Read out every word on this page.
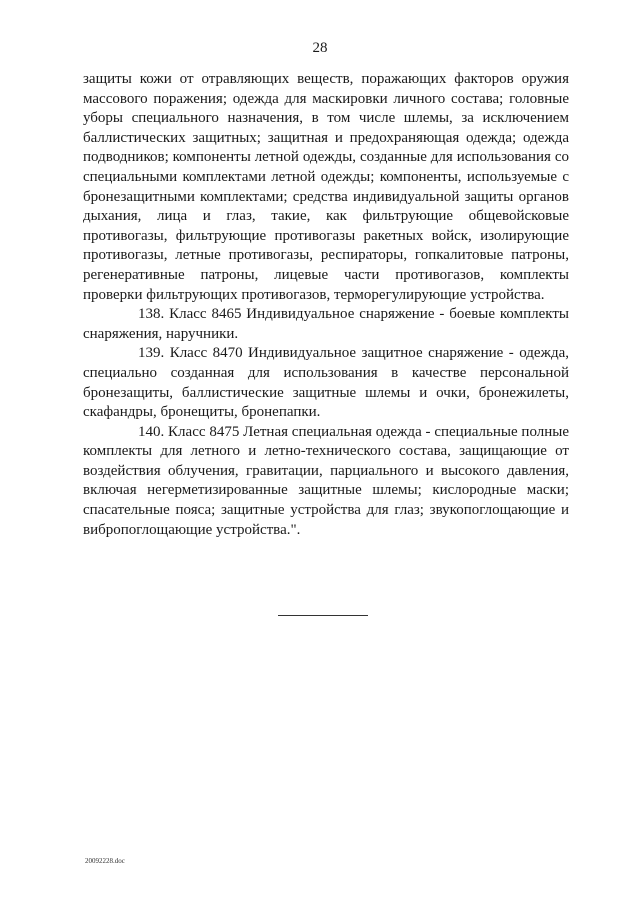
28

защиты кожи от отравляющих веществ, поражающих факторов оружия массового поражения; одежда для маскировки личного состава; головные уборы специального назначения, в том числе шлемы, за исключением баллистических защитных; защитная и предохраняющая одежда; одежда подводников; компоненты летной одежды, созданные для использования со специальными комплектами летной одежды; компоненты, используемые с бронезащитными комплектами; средства индивидуальной защиты органов дыхания, лица и глаз, такие, как фильтрующие общевойсковые противогазы, фильтрующие противогазы ракетных войск, изолирующие противогазы, летные противогазы, респираторы, гопкалитовые патроны, регенеративные патроны, лицевые части противогазов, комплекты проверки фильтрующих противогазов, терморегулирующие устройства.

138. Класс 8465 Индивидуальное снаряжение - боевые комплекты снаряжения, наручники.

139. Класс 8470 Индивидуальное защитное снаряжение - одежда, специально созданная для использования в качестве персональной бронезащиты, баллистические защитные шлемы и очки, бронежилеты, скафандры, бронещиты, бронепапки.

140. Класс 8475 Летная специальная одежда - специальные полные комплекты для летного и летно-технического состава, защищающие от воздействия облучения, гравитации, парциального и высокого давления, включая негерметизированные защитные шлемы; кислородные маски; спасательные пояса; защитные устройства для глаз; звукопоглощающие и вибропоглощающие устройства.".

20092228.doc
